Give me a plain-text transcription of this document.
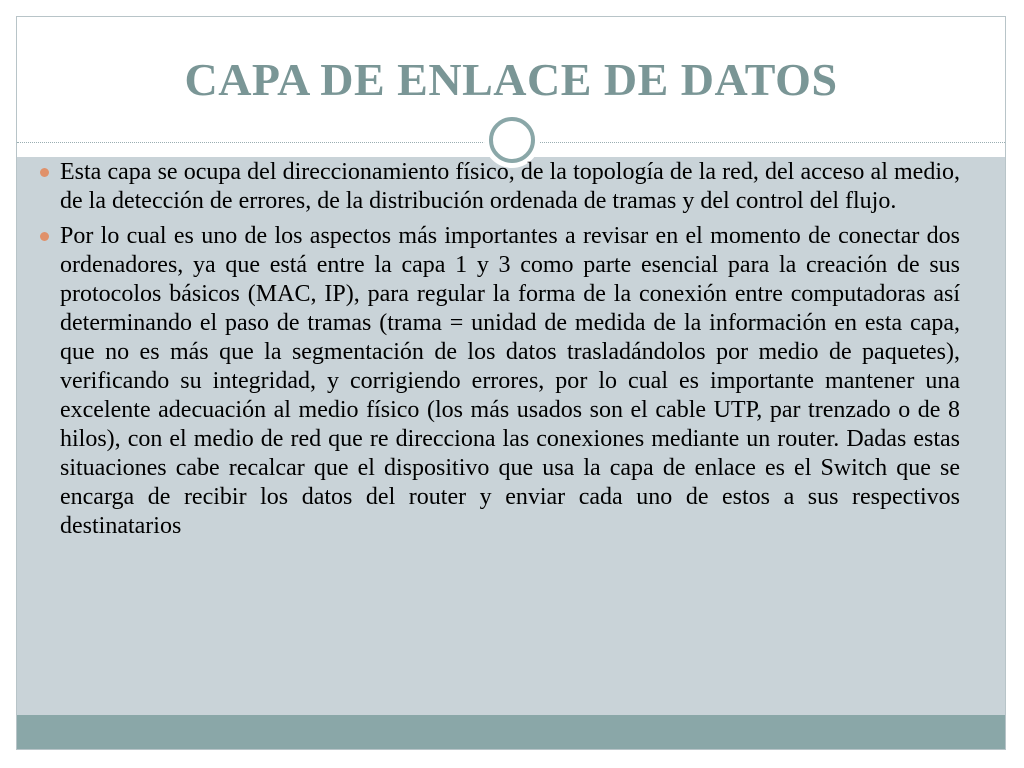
CAPA DE ENLACE DE DATOS
Esta capa se ocupa del direccionamiento físico, de la topología de la red, del acceso al medio, de la detección de errores, de la distribución ordenada de tramas y del control del flujo.
Por lo cual es uno de los aspectos más importantes a revisar en el momento de conectar dos ordenadores, ya que está entre la capa 1 y 3 como parte esencial para la creación de sus protocolos básicos (MAC, IP), para regular la forma de la conexión entre computadoras así determinando el paso de tramas (trama = unidad de medida de la información en esta capa, que no es más que la segmentación de los datos trasladándolos por medio de paquetes), verificando su integridad, y corrigiendo errores, por lo cual es importante mantener una excelente adecuación al medio físico (los más usados son el cable UTP, par trenzado o de 8 hilos), con el medio de red que re direcciona las conexiones mediante un router. Dadas estas situaciones cabe recalcar que el dispositivo que usa la capa de enlace es el Switch que se encarga de recibir los datos del router y enviar cada uno de estos a sus respectivos destinatarios
